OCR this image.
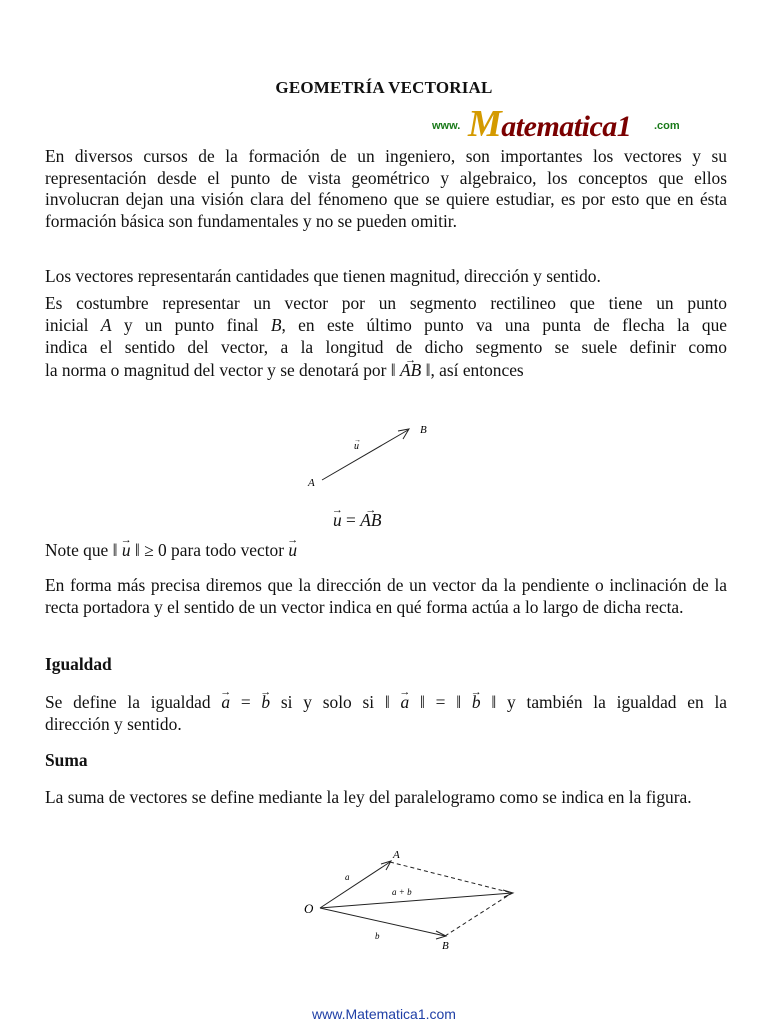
GEOMETRÍA VECTORIAL
www. Matematica1 .com

En diversos cursos de la formación de un ingeniero, son importantes los vectores y su representación desde el punto de vista geométrico y algebraico, los conceptos que ellos involucran dejan una visión clara del fénomeno que se quiere estudiar, es por esto que en ésta formación básica son fundamentales y no se pueden omitir.

Los vectores representarán cantidades que tienen magnitud, dirección y sentido.

Es costumbre representar un vector por un segmento rectilineo que tiene un punto
inicial A y un punto final B, en este último punto va una punta de flecha la que
indica el sentido del vector, a la longitud de dicho segmento se suele definir como
la norma o magnitud del vector y se denotará por ‖ → AB ‖, así entonces
A
B
u
→
→ u = → AB
Note que ‖ → u ‖ ≥ 0 para todo vector → u

En forma más precisa diremos que la dirección de un vector da la pendiente o inclinación de la recta portadora y el sentido de un vector indica en qué forma actúa a lo largo de dicha recta.

Igualdad
Se define la igualdad → a = → b si y solo si ‖ → a ‖ = ‖ → b ‖ y también la igualdad en la
dirección y sentido.
Suma

La suma de vectores se define mediante la ley del paralelogramo como se indica en la figura.

O
A
B
a
b
a + b
www.Matematica1.com
